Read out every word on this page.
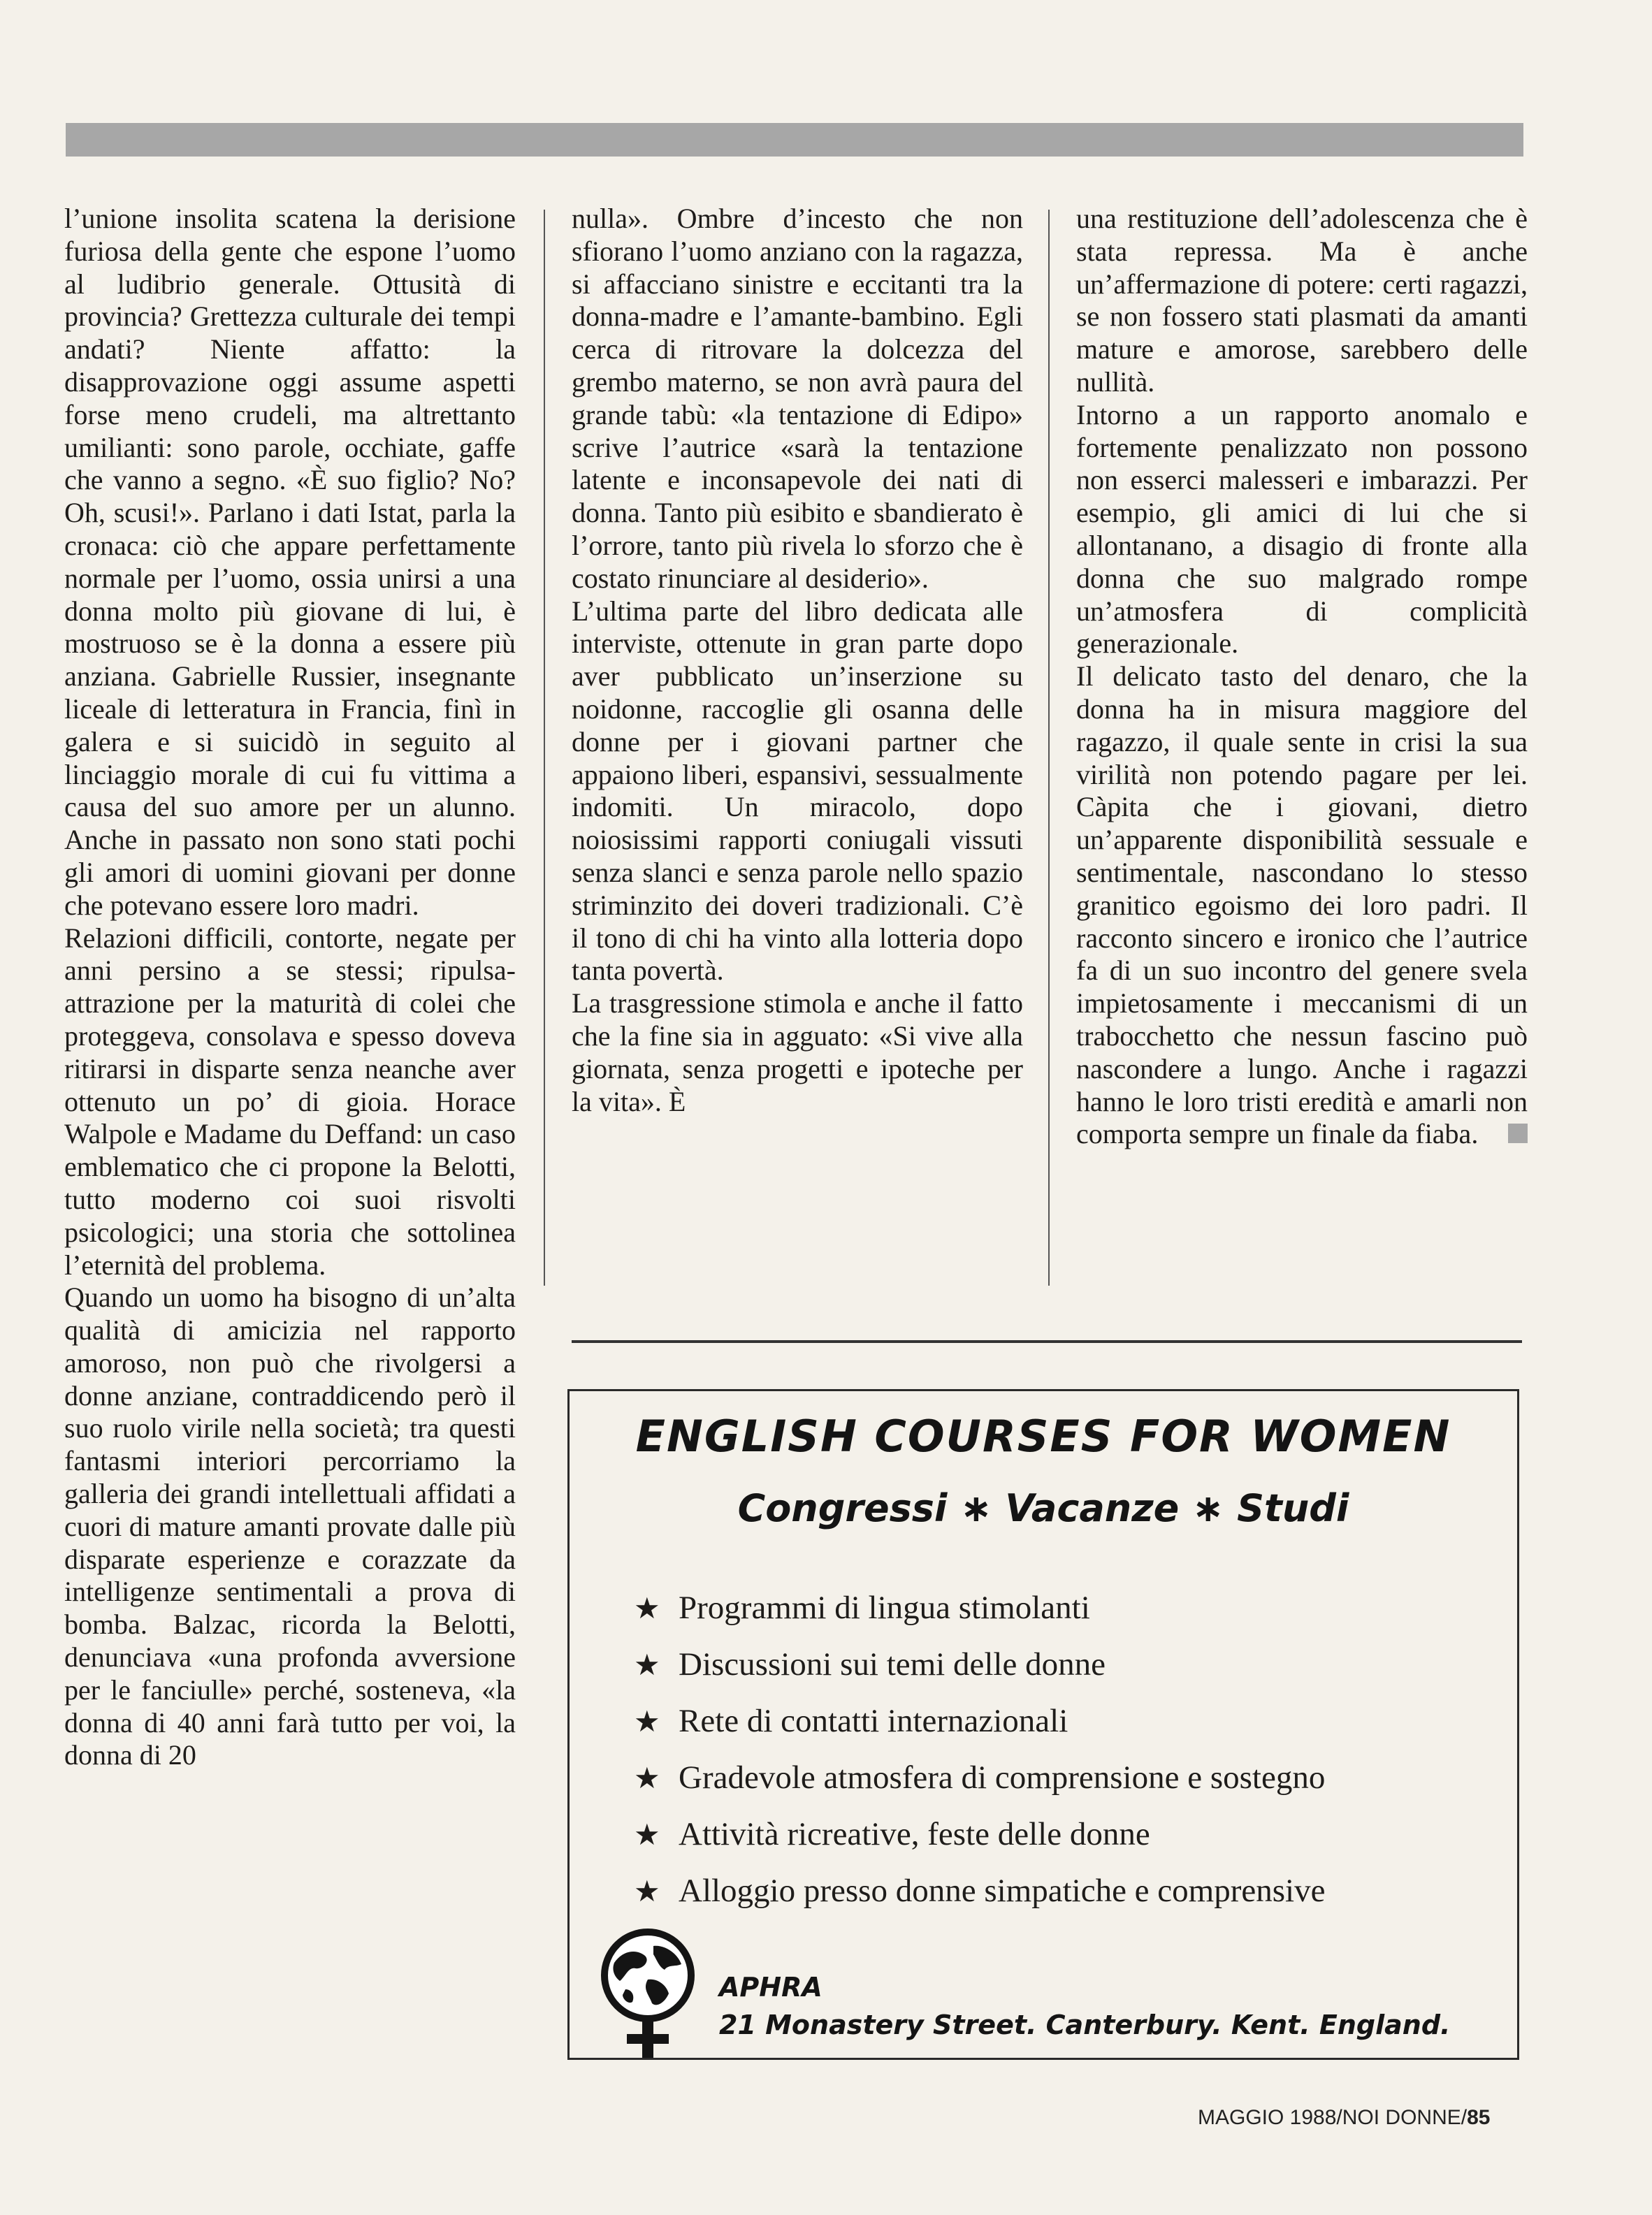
l’unione insolita scatena la derisione furiosa della gente che espone l’uomo al ludibrio generale. Ottusità di provincia? Grettezza culturale dei tempi andati? Niente affatto: la disapprovazione oggi assume aspetti forse meno crudeli, ma altrettanto umilianti: sono parole, occhiate, gaffe che vanno a segno. «È suo figlio? No? Oh, scusi!». Parlano i dati Istat, parla la cronaca: ciò che appare perfettamente normale per l’uomo, ossia unirsi a una donna molto più giovane di lui, è mostruoso se è la donna a essere più anziana. Gabrielle Russier, insegnante liceale di letteratura in Francia, finì in galera e si suicidò in seguito al linciaggio morale di cui fu vittima a causa del suo amore per un alunno. Anche in passato non sono stati pochi gli amori di uomini giovani per donne che potevano essere loro madri.

Relazioni difficili, contorte, negate per anni persino a se stessi; ripulsa-attrazione per la maturità di colei che proteggeva, consolava e spesso doveva ritirarsi in disparte senza neanche aver ottenuto un po’ di gioia. Horace Walpole e Madame du Deffand: un caso emblematico che ci propone la Belotti, tutto moderno coi suoi risvolti psicologici; una storia che sottolinea l’eternità del problema.

Quando un uomo ha bisogno di un’alta qualità di amicizia nel rapporto amoroso, non può che rivolgersi a donne anziane, contraddicendo però il suo ruolo virile nella società; tra questi fantasmi interiori percorriamo la galleria dei grandi intellettuali affidati a cuori di mature amanti provate dalle più disparate esperienze e corazzate da intelligenze sentimentali a prova di bomba. Balzac, ricorda la Belotti, denunciava «una profonda avversione per le fanciulle» perché, sosteneva, «la donna di 40 anni farà tutto per voi, la donna di 20

nulla». Ombre d’incesto che non sfiorano l’uomo anziano con la ragazza, si affacciano sinistre e eccitanti tra la donna-madre e l’amante-bambino. Egli cerca di ritrovare la dolcezza del grembo materno, se non avrà paura del grande tabù: «la tentazione di Edipo» scrive l’autrice «sarà la tentazione latente e inconsapevole dei nati di donna. Tanto più esibito e sbandierato è l’orrore, tanto più rivela lo sforzo che è costato rinunciare al desiderio».

L’ultima parte del libro dedicata alle interviste, ottenute in gran parte dopo aver pubblicato un’inserzione su noidonne, raccoglie gli osanna delle donne per i giovani partner che appaiono liberi, espansivi, sessualmente indomiti. Un miracolo, dopo noiosissimi rapporti coniugali vissuti senza slanci e senza parole nello spazio striminzito dei doveri tradizionali. C’è il tono di chi ha vinto alla lotteria dopo tanta povertà.

La trasgressione stimola e anche il fatto che la fine sia in agguato: «Si vive alla giornata, senza progetti e ipoteche per la vita». È

una restituzione dell’adolescenza che è stata repressa. Ma è anche un’affermazione di potere: certi ragazzi, se non fossero stati plasmati da amanti mature e amorose, sarebbero delle nullità.

Intorno a un rapporto anomalo e fortemente penalizzato non possono non esserci malesseri e imbarazzi. Per esempio, gli amici di lui che si allontanano, a disagio di fronte alla donna che suo malgrado rompe un’atmosfera di complicità generazionale.

Il delicato tasto del denaro, che la donna ha in misura maggiore del ragazzo, il quale sente in crisi la sua virilità non potendo pagare per lei. Càpita che i giovani, dietro un’apparente disponibilità sessuale e sentimentale, nascondano lo stesso granitico egoismo dei loro padri. Il racconto sincero e ironico che l’autrice fa di un suo incontro del genere svela impietosamente i meccanismi di un trabocchetto che nessun fascino può nascondere a lungo. Anche i ragazzi hanno le loro tristi eredità e amarli non comporta sempre un finale da fiaba.

ENGLISH COURSES FOR WOMEN
Congressi ∗ Vacanze ∗ Studi
★ Programmi di lingua stimolanti
★ Discussioni sui temi delle donne
★ Rete di contatti internazionali
★ Gradevole atmosfera di comprensione e sostegno
★ Attività ricreative, feste delle donne
★ Alloggio presso donne simpatiche e comprensive
APHRA
21 Monastery Street. Canterbury. Kent. England.
MAGGIO 1988/NOI DONNE/85
